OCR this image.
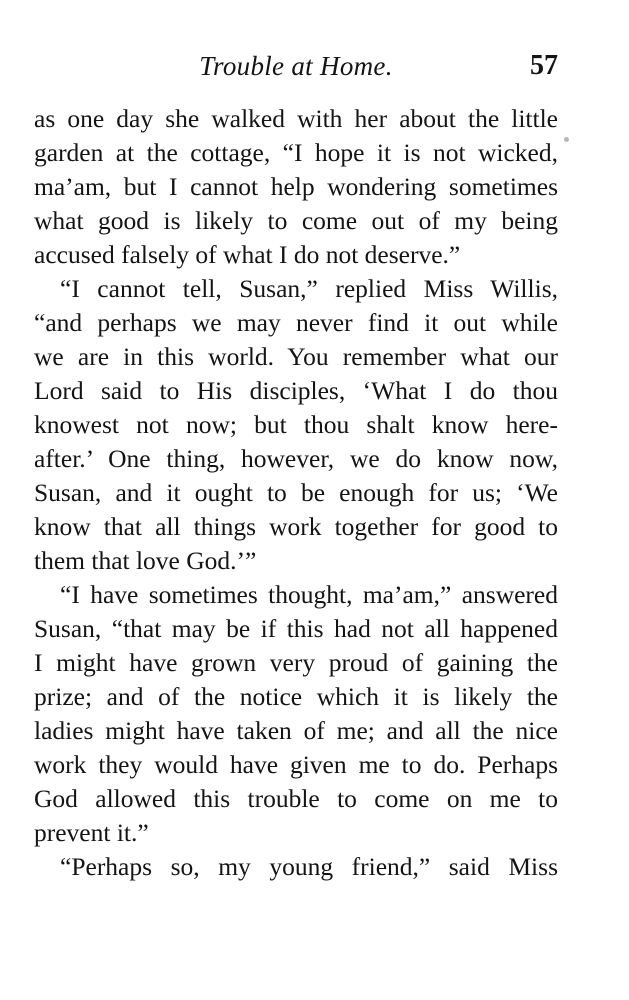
Trouble at Home.	57
as one day she walked with her about the little
garden at the cottage, “I hope it is not wicked,
ma’am, but I cannot help wondering sometimes
what good is likely to come out of my being
accused falsely of what I do not deserve.”
“I cannot tell, Susan,” replied Miss Willis,
“and perhaps we may never find it out while
we are in this world. You remember what our
Lord said to His disciples, ‘What I do thou
knowest not now; but thou shalt know here-
after.’ One thing, however, we do know now,
Susan, and it ought to be enough for us; ‘We
know that all things work together for good to
them that love God.’”
“I have sometimes thought, ma’am,” answered
Susan, “that may be if this had not all happened
I might have grown very proud of gaining the
prize; and of the notice which it is likely the
ladies might have taken of me; and all the nice
work they would have given me to do. Perhaps
God allowed this trouble to come on me to
prevent it.”
“Perhaps so, my young friend,” said Miss
